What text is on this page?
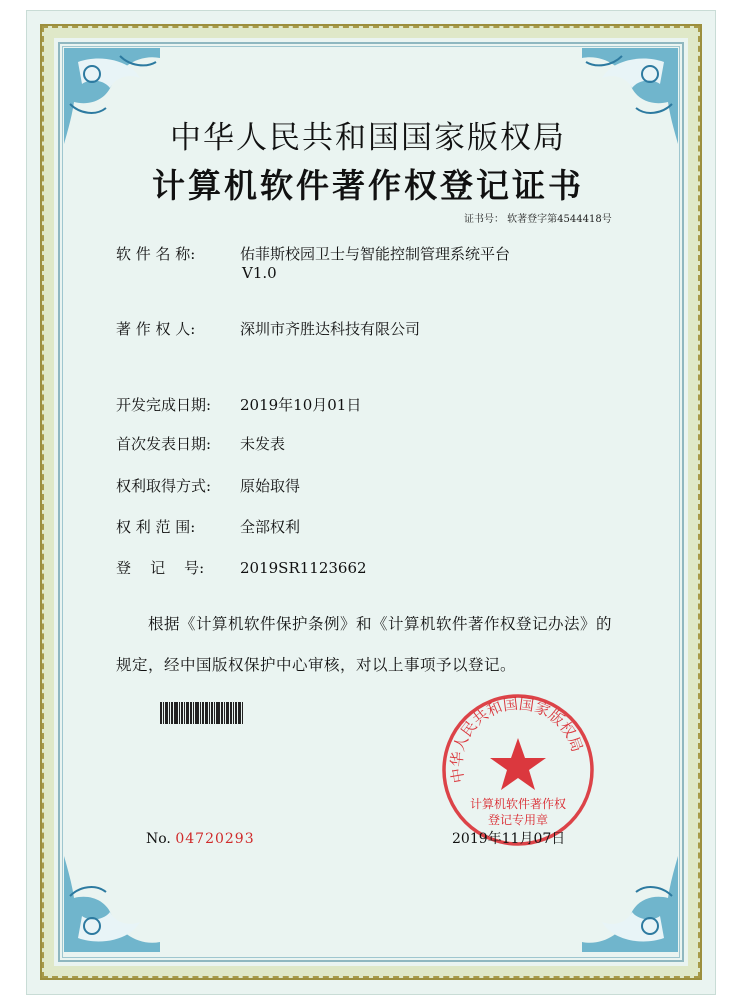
中华人民共和国国家版权局
计算机软件著作权登记证书
证书号： 软著登字第4544418号
软 件 名 称:	佑菲斯校园卫士与智能控制管理系统平台
V1.0
著 作 权 人:	深圳市齐胜达科技有限公司
开发完成日期: 2019年10月01日
首次发表日期: 未发表
权利取得方式: 原始取得
权 利 范 围:	全部权利
登    记    号: 2019SR1123662
根据《计算机软件保护条例》和《计算机软件著作权登记办法》的
规定，经中国版权保护中心审核，对以上事项予以登记。
No. 04720293
中华人民共和国国家版权局
计算机软件著作权
登记专用章
2019年11月07日
